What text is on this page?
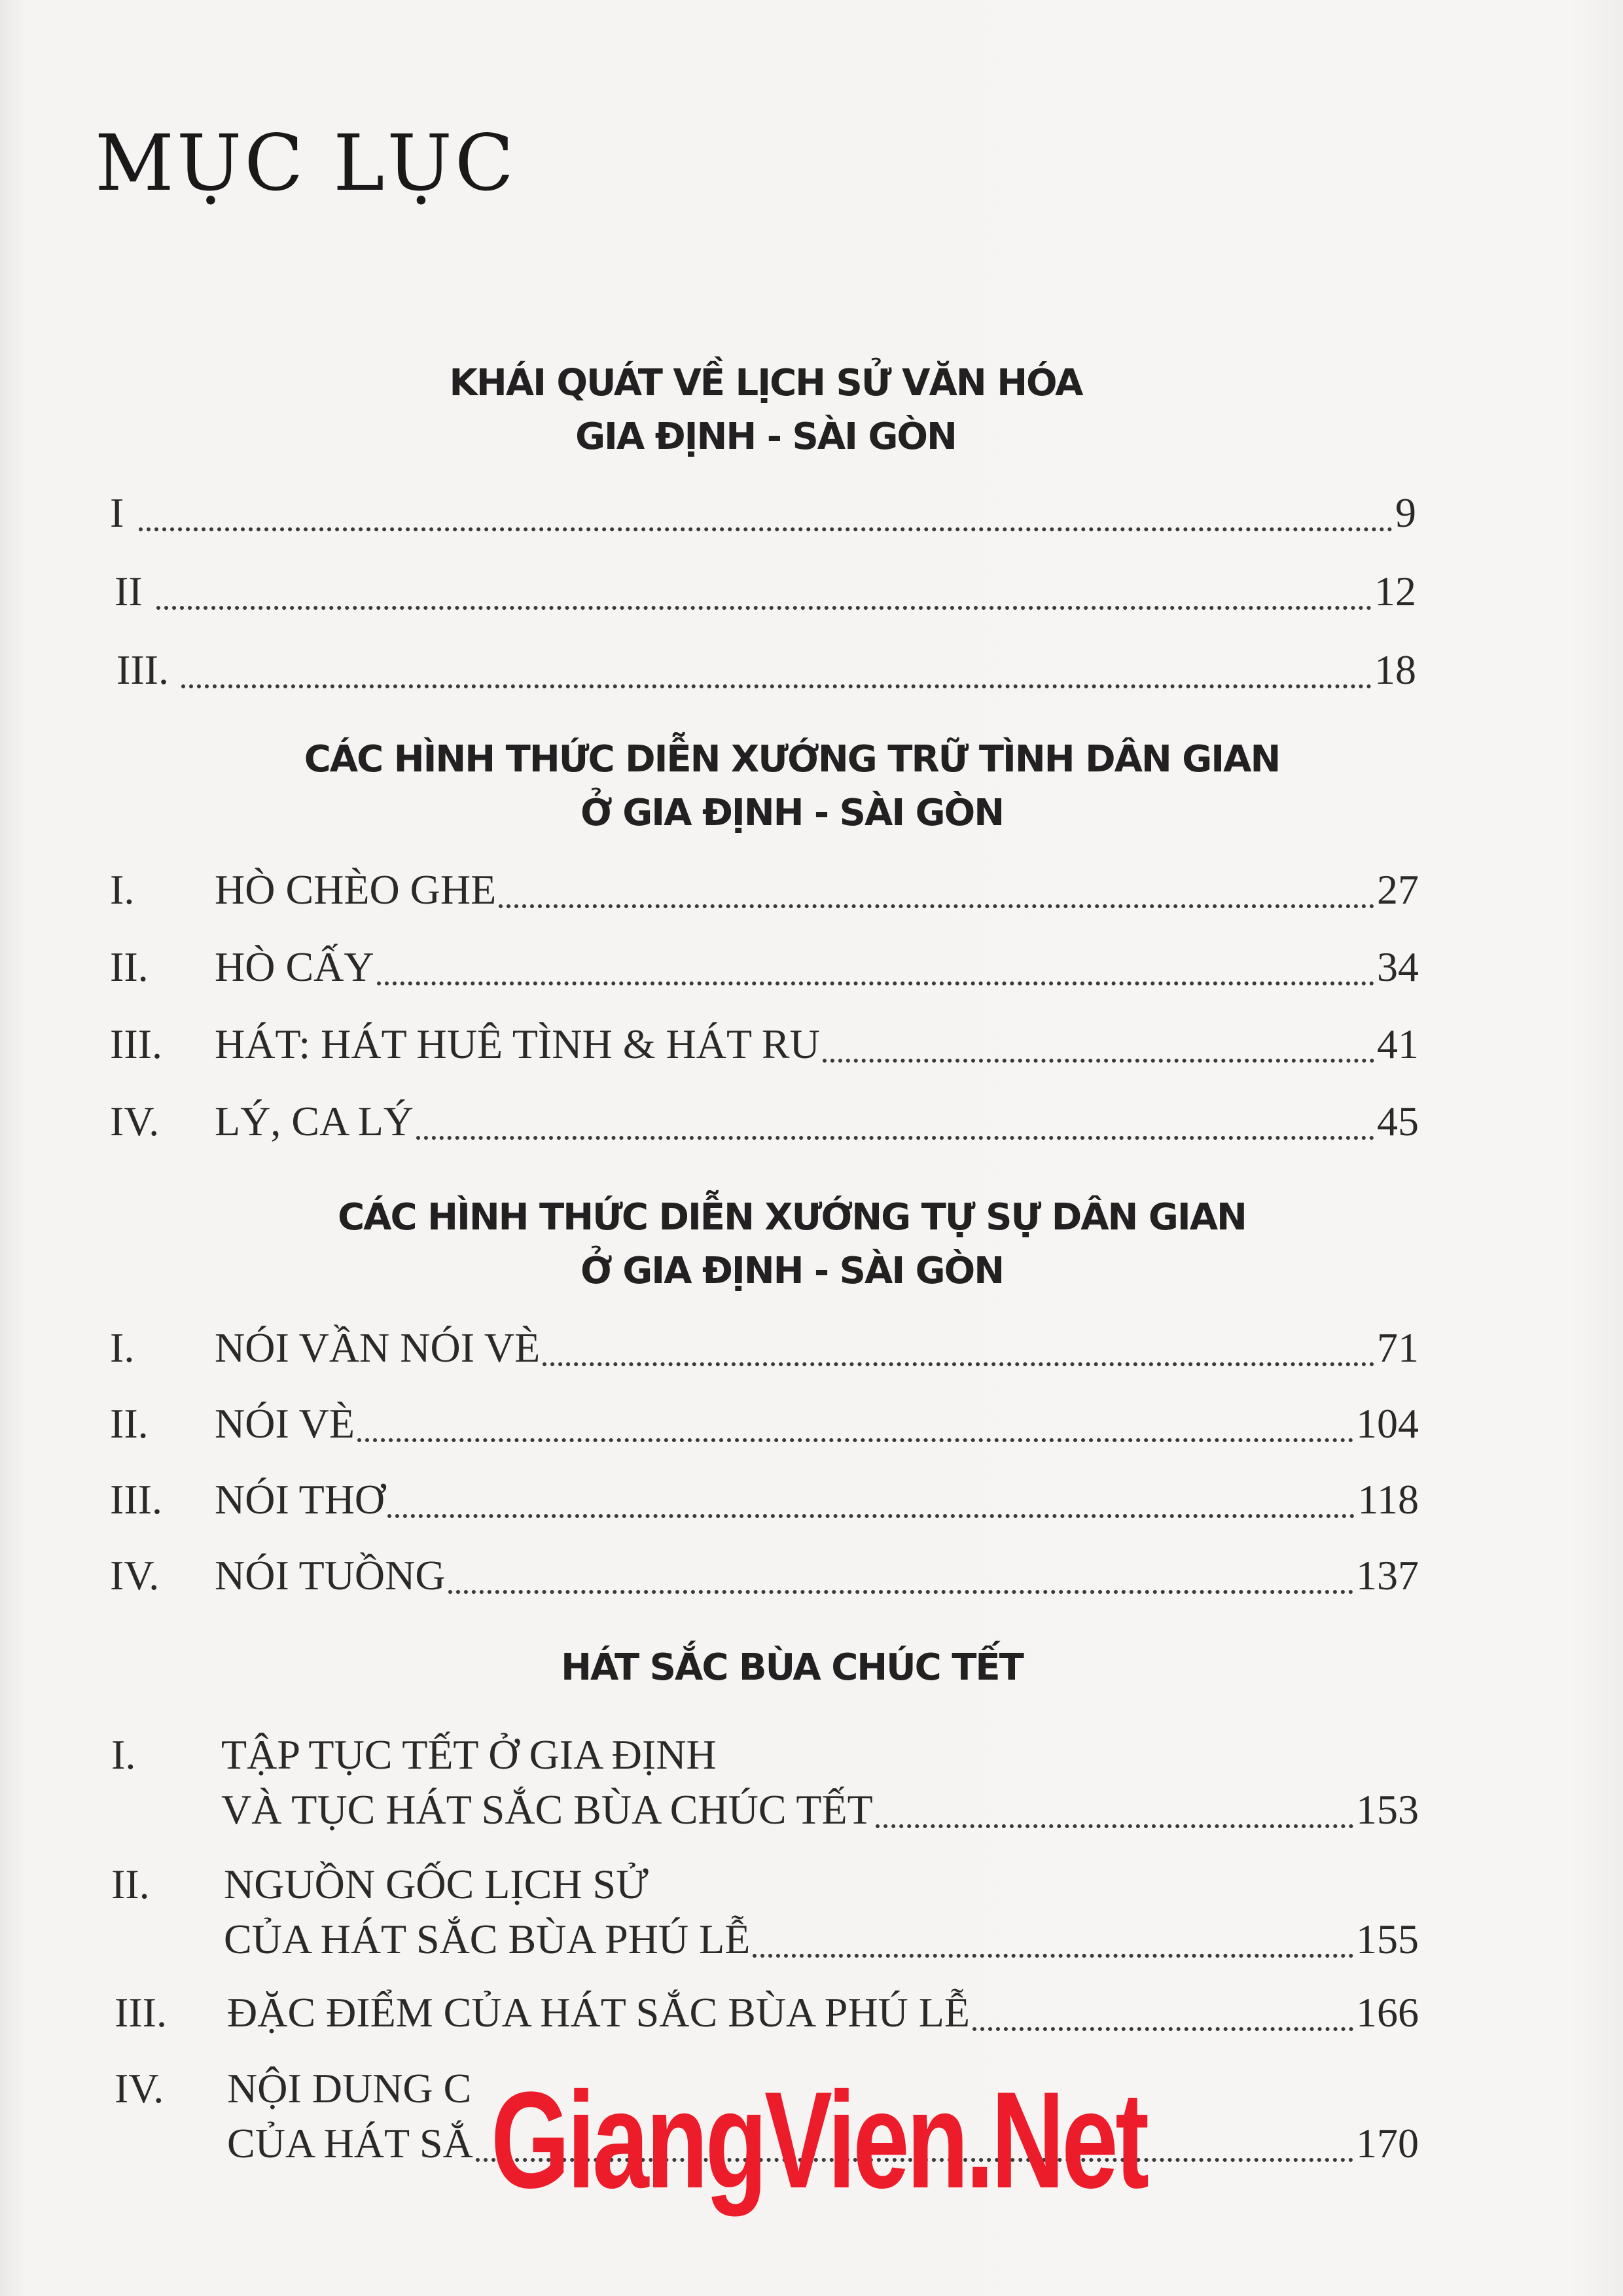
MỤC LỤC
KHÁI QUÁT VỀ LỊCH SỬ VĂN HÓA
GIA ĐỊNH - SÀI GÒN
I	9
II	12
III.	18
CÁC HÌNH THỨC DIỄN XƯỚNG TRỮ TÌNH DÂN GIAN
Ở GIA ĐỊNH - SÀI GÒN
I.	HÒ CHÈO GHE	27
II.	HÒ CẤY	34
III.	HÁT: HÁT HUÊ TÌNH & HÁT RU	41
IV.	LÝ, CA LÝ	45
CÁC HÌNH THỨC DIỄN XƯỚNG TỰ SỰ DÂN GIAN
Ở GIA ĐỊNH - SÀI GÒN
I.	NÓI VẦN NÓI VÈ	71
II.	NÓI VÈ	104
III.	NÓI THƠ	118
IV.	NÓI TUỒNG	137
HÁT SẮC BÙA CHÚC TẾT
I.	TẬP TỤC TẾT Ở GIA ĐỊNH
VÀ TỤC HÁT SẮC BÙA CHÚC TẾT	153
II.	NGUỒN GỐC LỊCH SỬ
CỦA HÁT SẮC BÙA PHÚ LỄ	155
III.	ĐẶC ĐIỂM CỦA HÁT SẮC BÙA PHÚ LỄ	166
IV.	NỘI DUNG C
CỦA HÁT SẮ	170
GiangVien.Net
